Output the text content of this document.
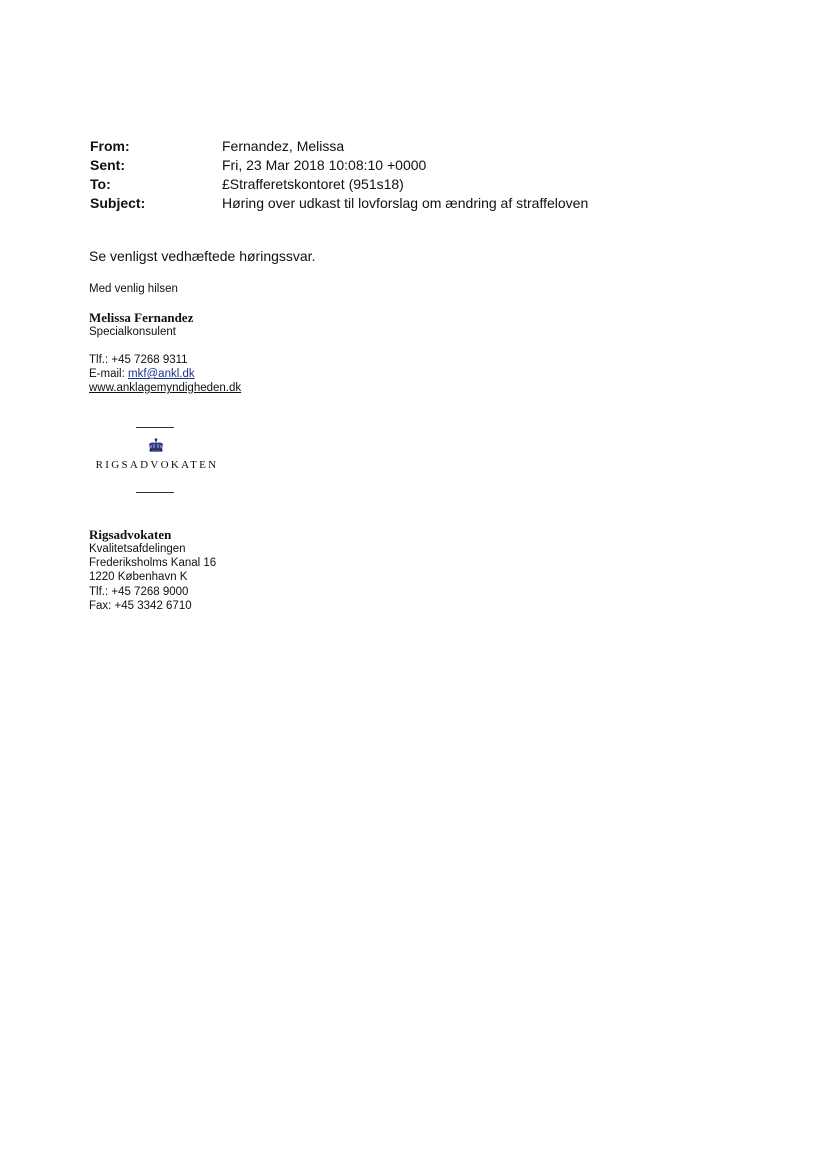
From:	Fernandez, Melissa
Sent:	Fri, 23 Mar 2018 10:08:10 +0000
To:	£Strafferetskontoret (951s18)
Subject:	Høring over udkast til lovforslag om ændring af straffeloven
Se venligst vedhæftede høringssvar.
Med venlig hilsen
Melissa Fernandez
Specialkonsulent
Tlf.: +45 7268 9311
E-mail: mkf@ankl.dk
www.anklagemyndigheden.dk
RIGSADVOKATEN
Rigsadvokaten
Kvalitetsafdelingen
Frederiksholms Kanal 16
1220 København K
Tlf.: +45 7268 9000
Fax: +45 3342 6710
